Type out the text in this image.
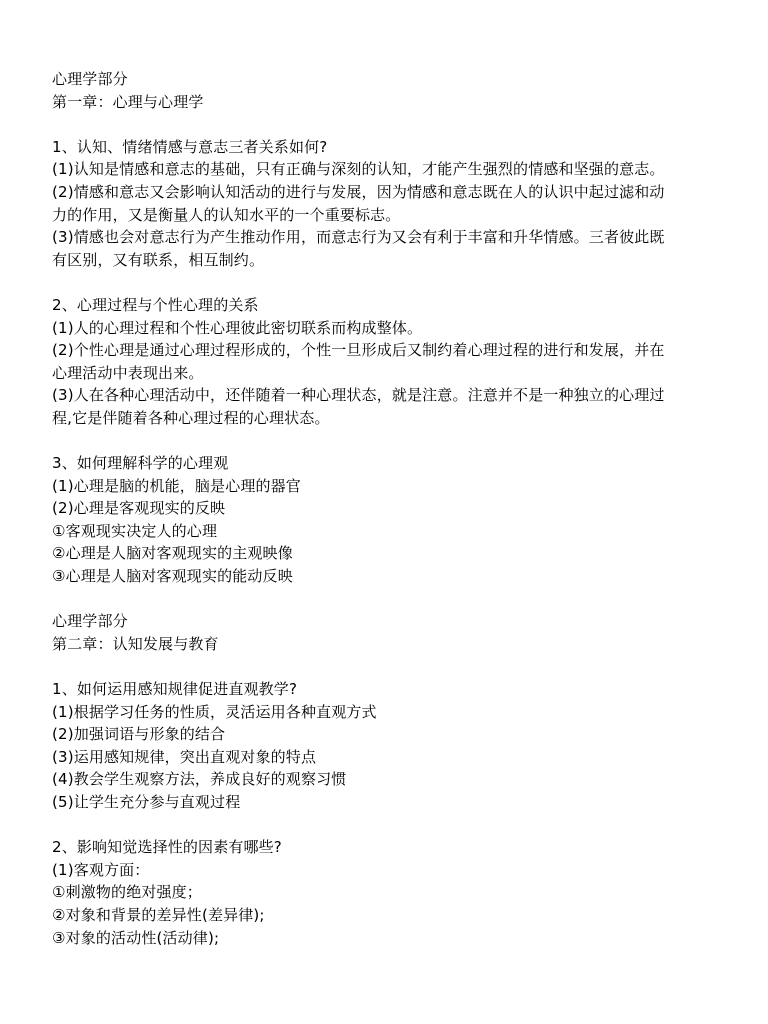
心理学部分
第一章：心理与心理学
1、认知、情绪情感与意志三者关系如何?
(1)认知是情感和意志的基础，只有正确与深刻的认知，才能产生强烈的情感和坚强的意志。
(2)情感和意志又会影响认知活动的进行与发展，因为情感和意志既在人的认识中起过滤和动
力的作用，又是衡量人的认知水平的一个重要标志。
(3)情感也会对意志行为产生推动作用，而意志行为又会有利于丰富和升华情感。三者彼此既
有区别，又有联系，相互制约。
2、心理过程与个性心理的关系
(1)人的心理过程和个性心理彼此密切联系而构成整体。
(2)个性心理是通过心理过程形成的，个性一旦形成后又制约着心理过程的进行和发展，并在
心理活动中表现出来。
(3)人在各种心理活动中，还伴随着一种心理状态，就是注意。注意并不是一种独立的心理过
程,它是伴随着各种心理过程的心理状态。
3、如何理解科学的心理观
(1)心理是脑的机能，脑是心理的器官
(2)心理是客观现实的反映
①客观现实决定人的心理
②心理是人脑对客观现实的主观映像
③心理是人脑对客观现实的能动反映
心理学部分
第二章：认知发展与教育
1、如何运用感知规律促进直观教学?
(1)根据学习任务的性质，灵活运用各种直观方式
(2)加强词语与形象的结合
(3)运用感知规律，突出直观对象的特点
(4)教会学生观察方法，养成良好的观察习惯
(5)让学生充分参与直观过程
2、影响知觉选择性的因素有哪些?
(1)客观方面：
①刺激物的绝对强度；
②对象和背景的差异性(差异律);
③对象的活动性(活动律);
